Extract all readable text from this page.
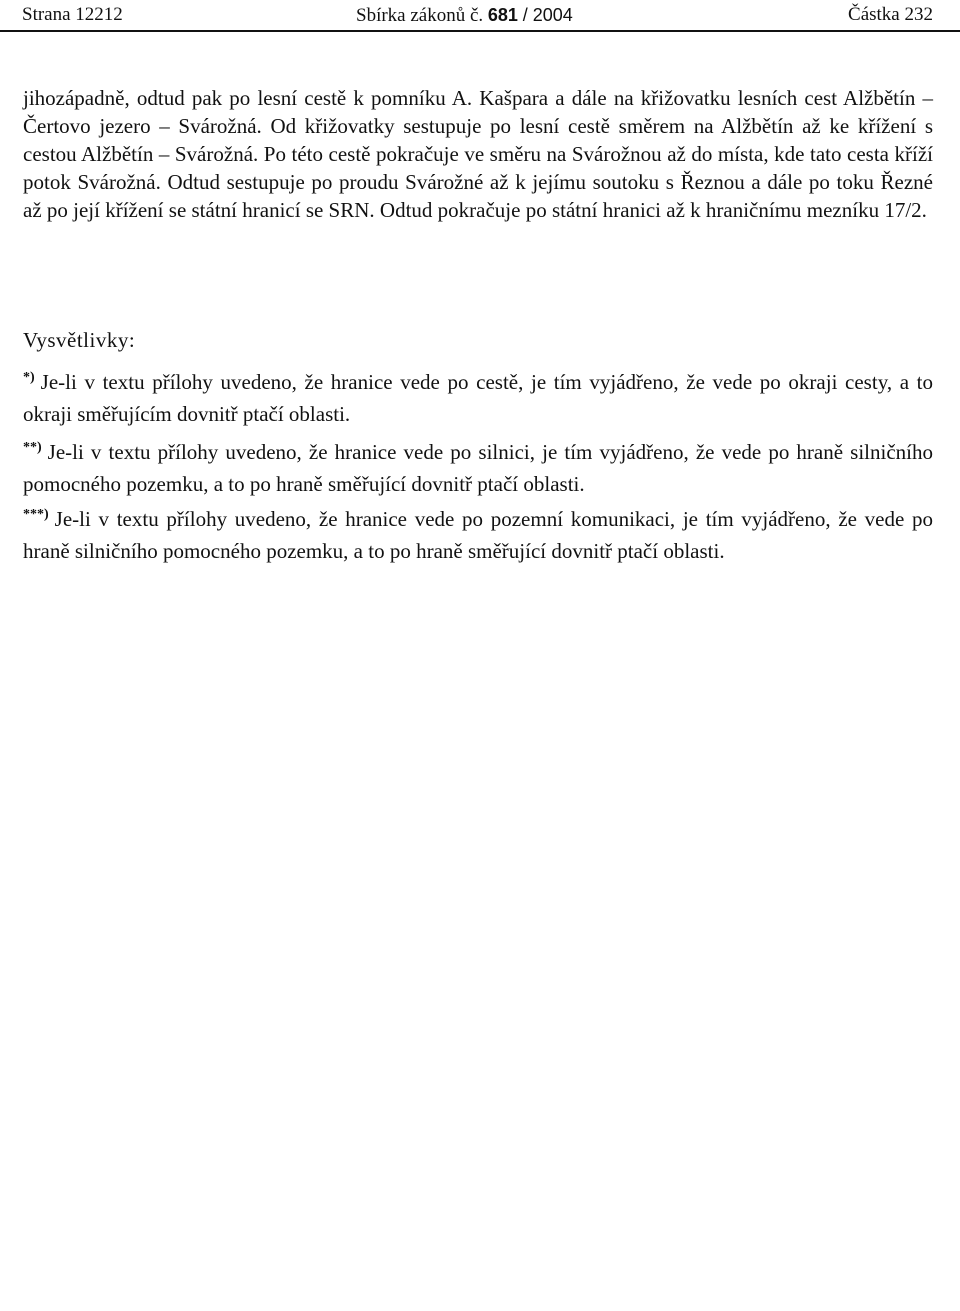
Strana 12212	Sbírka zákonů č. 681 / 2004	Částka 232

jihozápadně, odtud pak po lesní cestě k pomníku A. Kašpara a dále na křižovatku lesních cest Alžbětín – Čertovo jezero – Svárožná. Od křižovatky sestupuje po lesní cestě směrem na Alžbětín až ke křížení s cestou Alžbětín – Svárožná. Po této cestě pokračuje ve směru na Svárožnou až do místa, kde tato cesta kříží potok Svárožná. Odtud sestupuje po proudu Svárožné až k jejímu soutoku s Řeznou a dále po toku Řezné až po její křížení se státní hranicí se SRN. Odtud pokračuje po státní hranici až k hraničnímu mezníku 17/2.

Vysvětlivky:

*) Je-li v textu přílohy uvedeno, že hranice vede po cestě, je tím vyjádřeno, že vede po okraji cesty, a to okraji směřujícím dovnitř ptačí oblasti.

**) Je-li v textu přílohy uvedeno, že hranice vede po silnici, je tím vyjádřeno, že vede po hraně silničního pomocného pozemku, a to po hraně směřující dovnitř ptačí oblasti.

***) Je-li v textu přílohy uvedeno, že hranice vede po pozemní komunikaci, je tím vyjádřeno, že vede po hraně silničního pomocného pozemku, a to po hraně směřující dovnitř ptačí oblasti.
